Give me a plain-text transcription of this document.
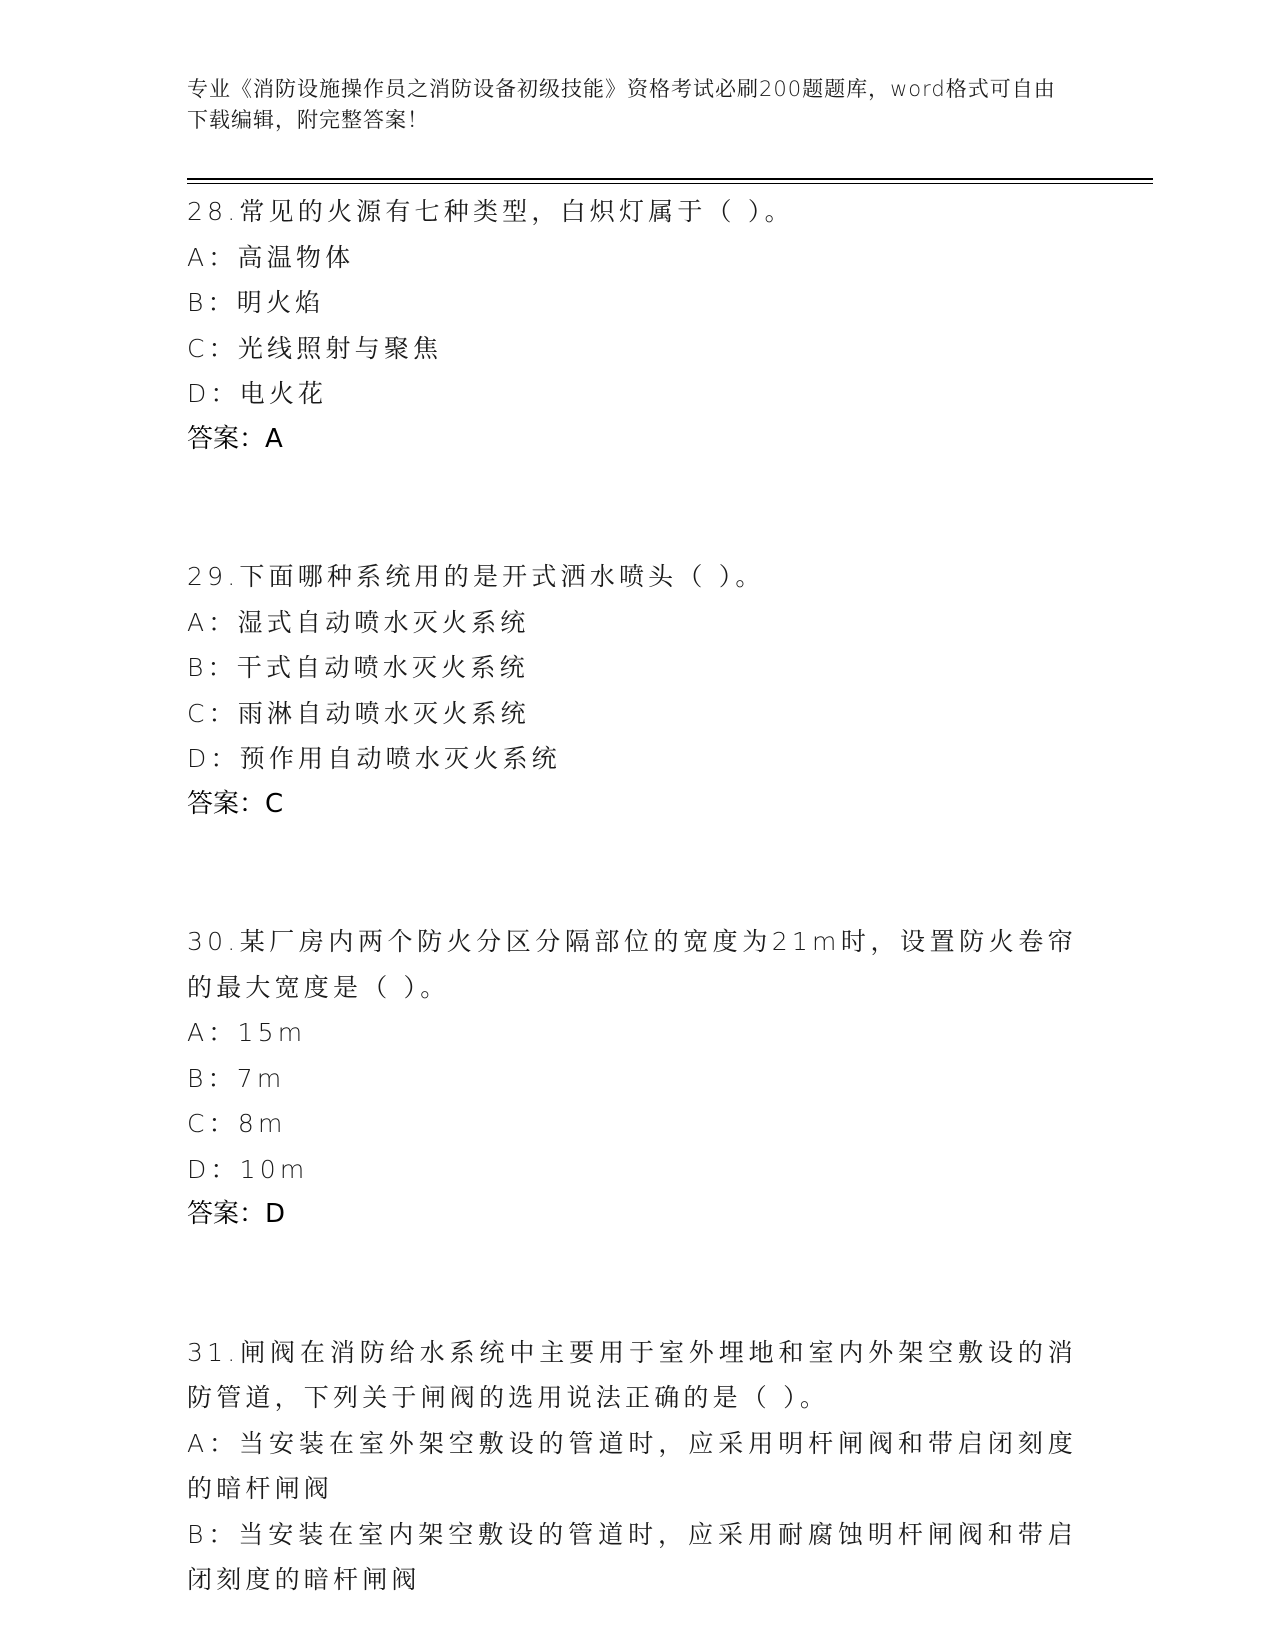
专业《消防设施操作员之消防设备初级技能》资格考试必刷200题题库，word格式可自由下载编辑，附完整答案！

28.常见的火源有七种类型，白炽灯属于（ ）。

A：高温物体

B：明火焰

C：光线照射与聚焦

D：电火花

答案：A

29.下面哪种系统用的是开式洒水喷头（ ）。

A：湿式自动喷水灭火系统

B：干式自动喷水灭火系统

C：雨淋自动喷水灭火系统

D：预作用自动喷水灭火系统

答案：C

30.某厂房内两个防火分区分隔部位的宽度为21m时，设置防火卷帘的最大宽度是（ ）。

A：15m

B：7m

C：8m

D：10m

答案：D

31.闸阀在消防给水系统中主要用于室外埋地和室内外架空敷设的消防管道，下列关于闸阀的选用说法正确的是（ ）。

A：当安装在室外架空敷设的管道时，应采用明杆闸阀和带启闭刻度的暗杆闸阀

B：当安装在室内架空敷设的管道时，应采用耐腐蚀明杆闸阀和带启闭刻度的暗杆闸阀
